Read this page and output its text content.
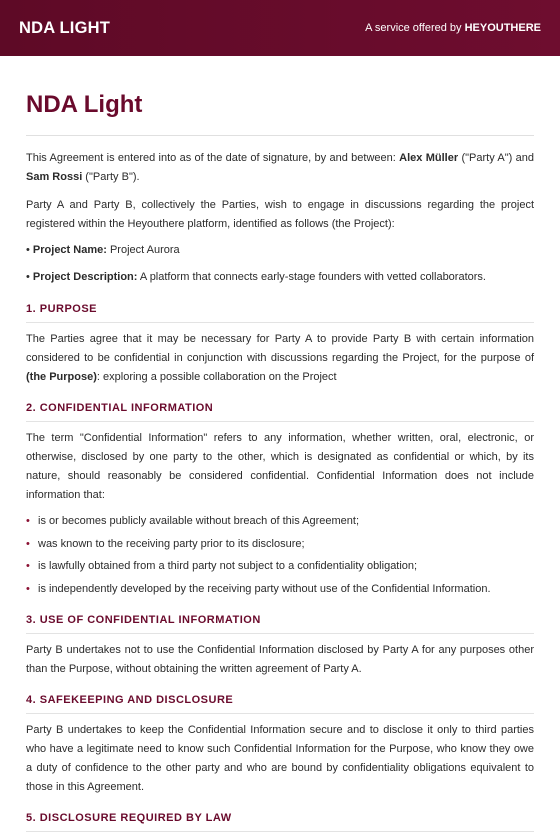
NDA LIGHT	A service offered by HEYOUTHERE
NDA Light

This Agreement is entered into as of the date of signature, by and between: Alex Müller ("Party A") and Sam Rossi ("Party B").

Party A and Party B, collectively the Parties, wish to engage in discussions regarding the project registered within the Heyouthere platform, identified as follows (the Project):

• Project Name: Project Aurora

• Project Description: A platform that connects early-stage founders with vetted collaborators.

1. PURPOSE

The Parties agree that it may be necessary for Party A to provide Party B with certain information considered to be confidential in conjunction with discussions regarding the Project, for the purpose of (the Purpose): exploring a possible collaboration on the Project

2. CONFIDENTIAL INFORMATION

The term "Confidential Information" refers to any information, whether written, oral, electronic, or otherwise, disclosed by one party to the other, which is designated as confidential or which, by its nature, should reasonably be considered confidential. Confidential Information does not include information that:

• is or becomes publicly available without breach of this Agreement;
• was known to the receiving party prior to its disclosure;
• is lawfully obtained from a third party not subject to a confidentiality obligation;
• is independently developed by the receiving party without use of the Confidential Information.
3. USE OF CONFIDENTIAL INFORMATION

Party B undertakes not to use the Confidential Information disclosed by Party A for any purposes other than the Purpose, without obtaining the written agreement of Party A.

4. SAFEKEEPING AND DISCLOSURE

Party B undertakes to keep the Confidential Information secure and to disclose it only to third parties who have a legitimate need to know such Confidential Information for the Purpose, who know they owe a duty of confidence to the other party and who are bound by confidentiality obligations equivalent to those in this Agreement.

5. DISCLOSURE REQUIRED BY LAW
